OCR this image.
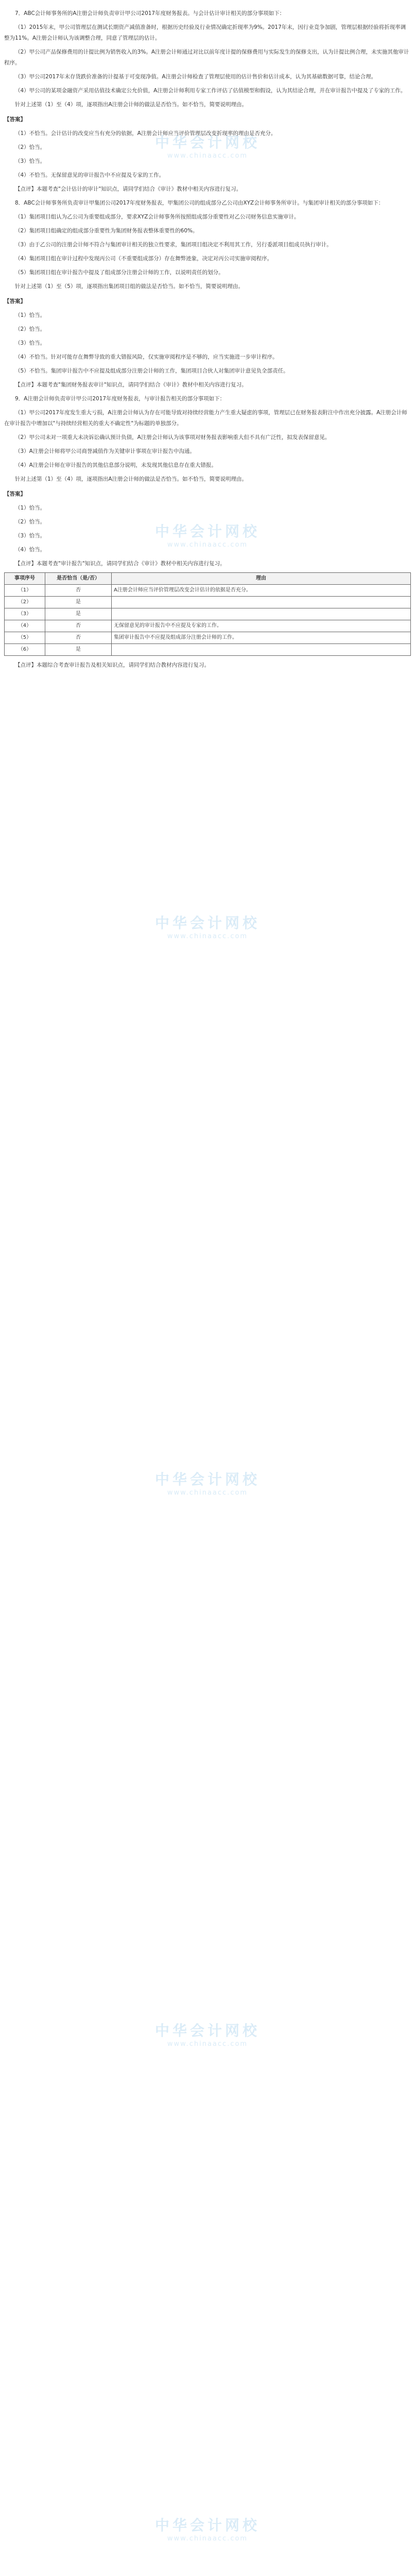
中华会计网校
www.chinaacc.com
中华会计网校
www.chinaacc.com
中华会计网校
www.chinaacc.com
中华会计网校
www.chinaacc.com
中华会计网校
www.chinaacc.com
中华会计网校
www.chinaacc.com

7．ABC会计师事务所的A注册会计师负责审计甲公司2017年度财务报表。与会计估计审计相关的部分事项如下：

（1）2015年末，甲公司管理层在测试长期资产减值准备时，根据历史经验及行业情况确定折现率为9%。2017年末，因行业竞争加剧，管理层根据经验将折现率调整为11%。A注册会计师认为该调整合理，同意了管理层的估计。

（2）甲公司产品保修费用的计提比例为销售收入的3%。A注册会计师通过对比以前年度计提的保修费用与实际发生的保修支出，认为计提比例合理，未实施其他审计程序。

（3）甲公司2017年末存货跌价准备的计提基于可变现净值。A注册会计师检查了管理层使用的估计售价和估计成本，认为其基础数据可靠，结论合理。

（4）甲公司的某项金融资产采用估值技术确定公允价值，A注册会计师利用专家工作评估了估值模型和假设，认为其结论合理，并在审计报告中提及了专家的工作。

针对上述第（1）至（4）项，逐项指出A注册会计师的做法是否恰当。如不恰当，简要说明理由。

【答案】

（1）不恰当。会计估计的改变应当有充分的依据，A注册会计师应当评价管理层改变折现率的理由是否充分。

（2）恰当。

（3）恰当。

（4）不恰当。无保留意见的审计报告中不应提及专家的工作。

【点评】本题考查"会计估计的审计"知识点，请同学们结合《审计》教材中相关内容进行复习。

8．ABC会计师事务所负责审计甲集团公司2017年度财务报表，甲集团公司的组成部分乙公司由XYZ会计师事务所审计。与集团审计相关的部分事项如下：

（1）集团项目组认为乙公司为重要组成部分，要求XYZ会计师事务所按照组成部分重要性对乙公司财务信息实施审计。

（2）集团项目组确定的组成部分重要性为集团财务报表整体重要性的60%。

（3）由于乙公司的注册会计师不符合与集团审计相关的独立性要求，集团项目组决定不利用其工作，另行委派项目组成员执行审计。

（4）集团项目组在审计过程中发现丙公司（不重要组成部分）存在舞弊迹象，决定对丙公司实施审阅程序。

（5）集团项目组在审计报告中提及了组成部分注册会计师的工作，以说明责任的划分。

针对上述第（1）至（5）项，逐项指出集团项目组的做法是否恰当。如不恰当，简要说明理由。

【答案】

（1）恰当。

（2）恰当。

（3）恰当。

（4）不恰当。针对可能存在舞弊导致的重大错报风险，仅实施审阅程序是不够的，应当实施进一步审计程序。

（5）不恰当。集团审计报告中不应提及组成部分注册会计师的工作，集团项目合伙人对集团审计意见负全部责任。

【点评】本题考查"集团财务报表审计"知识点，请同学们结合《审计》教材中相关内容进行复习。

9．A注册会计师负责审计甲公司2017年度财务报表，与审计报告相关的部分事项如下：

（1）甲公司2017年度发生重大亏损，A注册会计师认为存在可能导致对持续经营能力产生重大疑虑的事项，管理层已在财务报表附注中作出充分披露。A注册会计师在审计报告中增加以"与持续经营相关的重大不确定性"为标题的单独部分。

（2）甲公司未对一项重大未决诉讼确认预计负债，A注册会计师认为该事项对财务报表影响重大但不具有广泛性，拟发表保留意见。

（3）A注册会计师将甲公司商誉减值作为关键审计事项在审计报告中沟通。

（4）A注册会计师在审计报告的其他信息部分说明，未发现其他信息存在重大错报。

针对上述第（1）至（4）项，逐项指出A注册会计师的做法是否恰当。如不恰当，简要说明理由。

【答案】

（1）恰当。

（2）恰当。

（3）恰当。

（4）恰当。

【点评】本题考查"审计报告"知识点，请同学们结合《审计》教材中相关内容进行复习。

事项序号	是否恰当（是/否）	理由
（1）	否	A注册会计师应当评价管理层改变会计估计的依据是否充分。
（2）	是	
（3）	是	
（4）	否	无保留意见的审计报告中不应提及专家的工作。
（5）	否	集团审计报告中不应提及组成部分注册会计师的工作。
（6）	是	

【点评】本题综合考查审计报告及相关知识点，请同学们结合教材内容进行复习。
